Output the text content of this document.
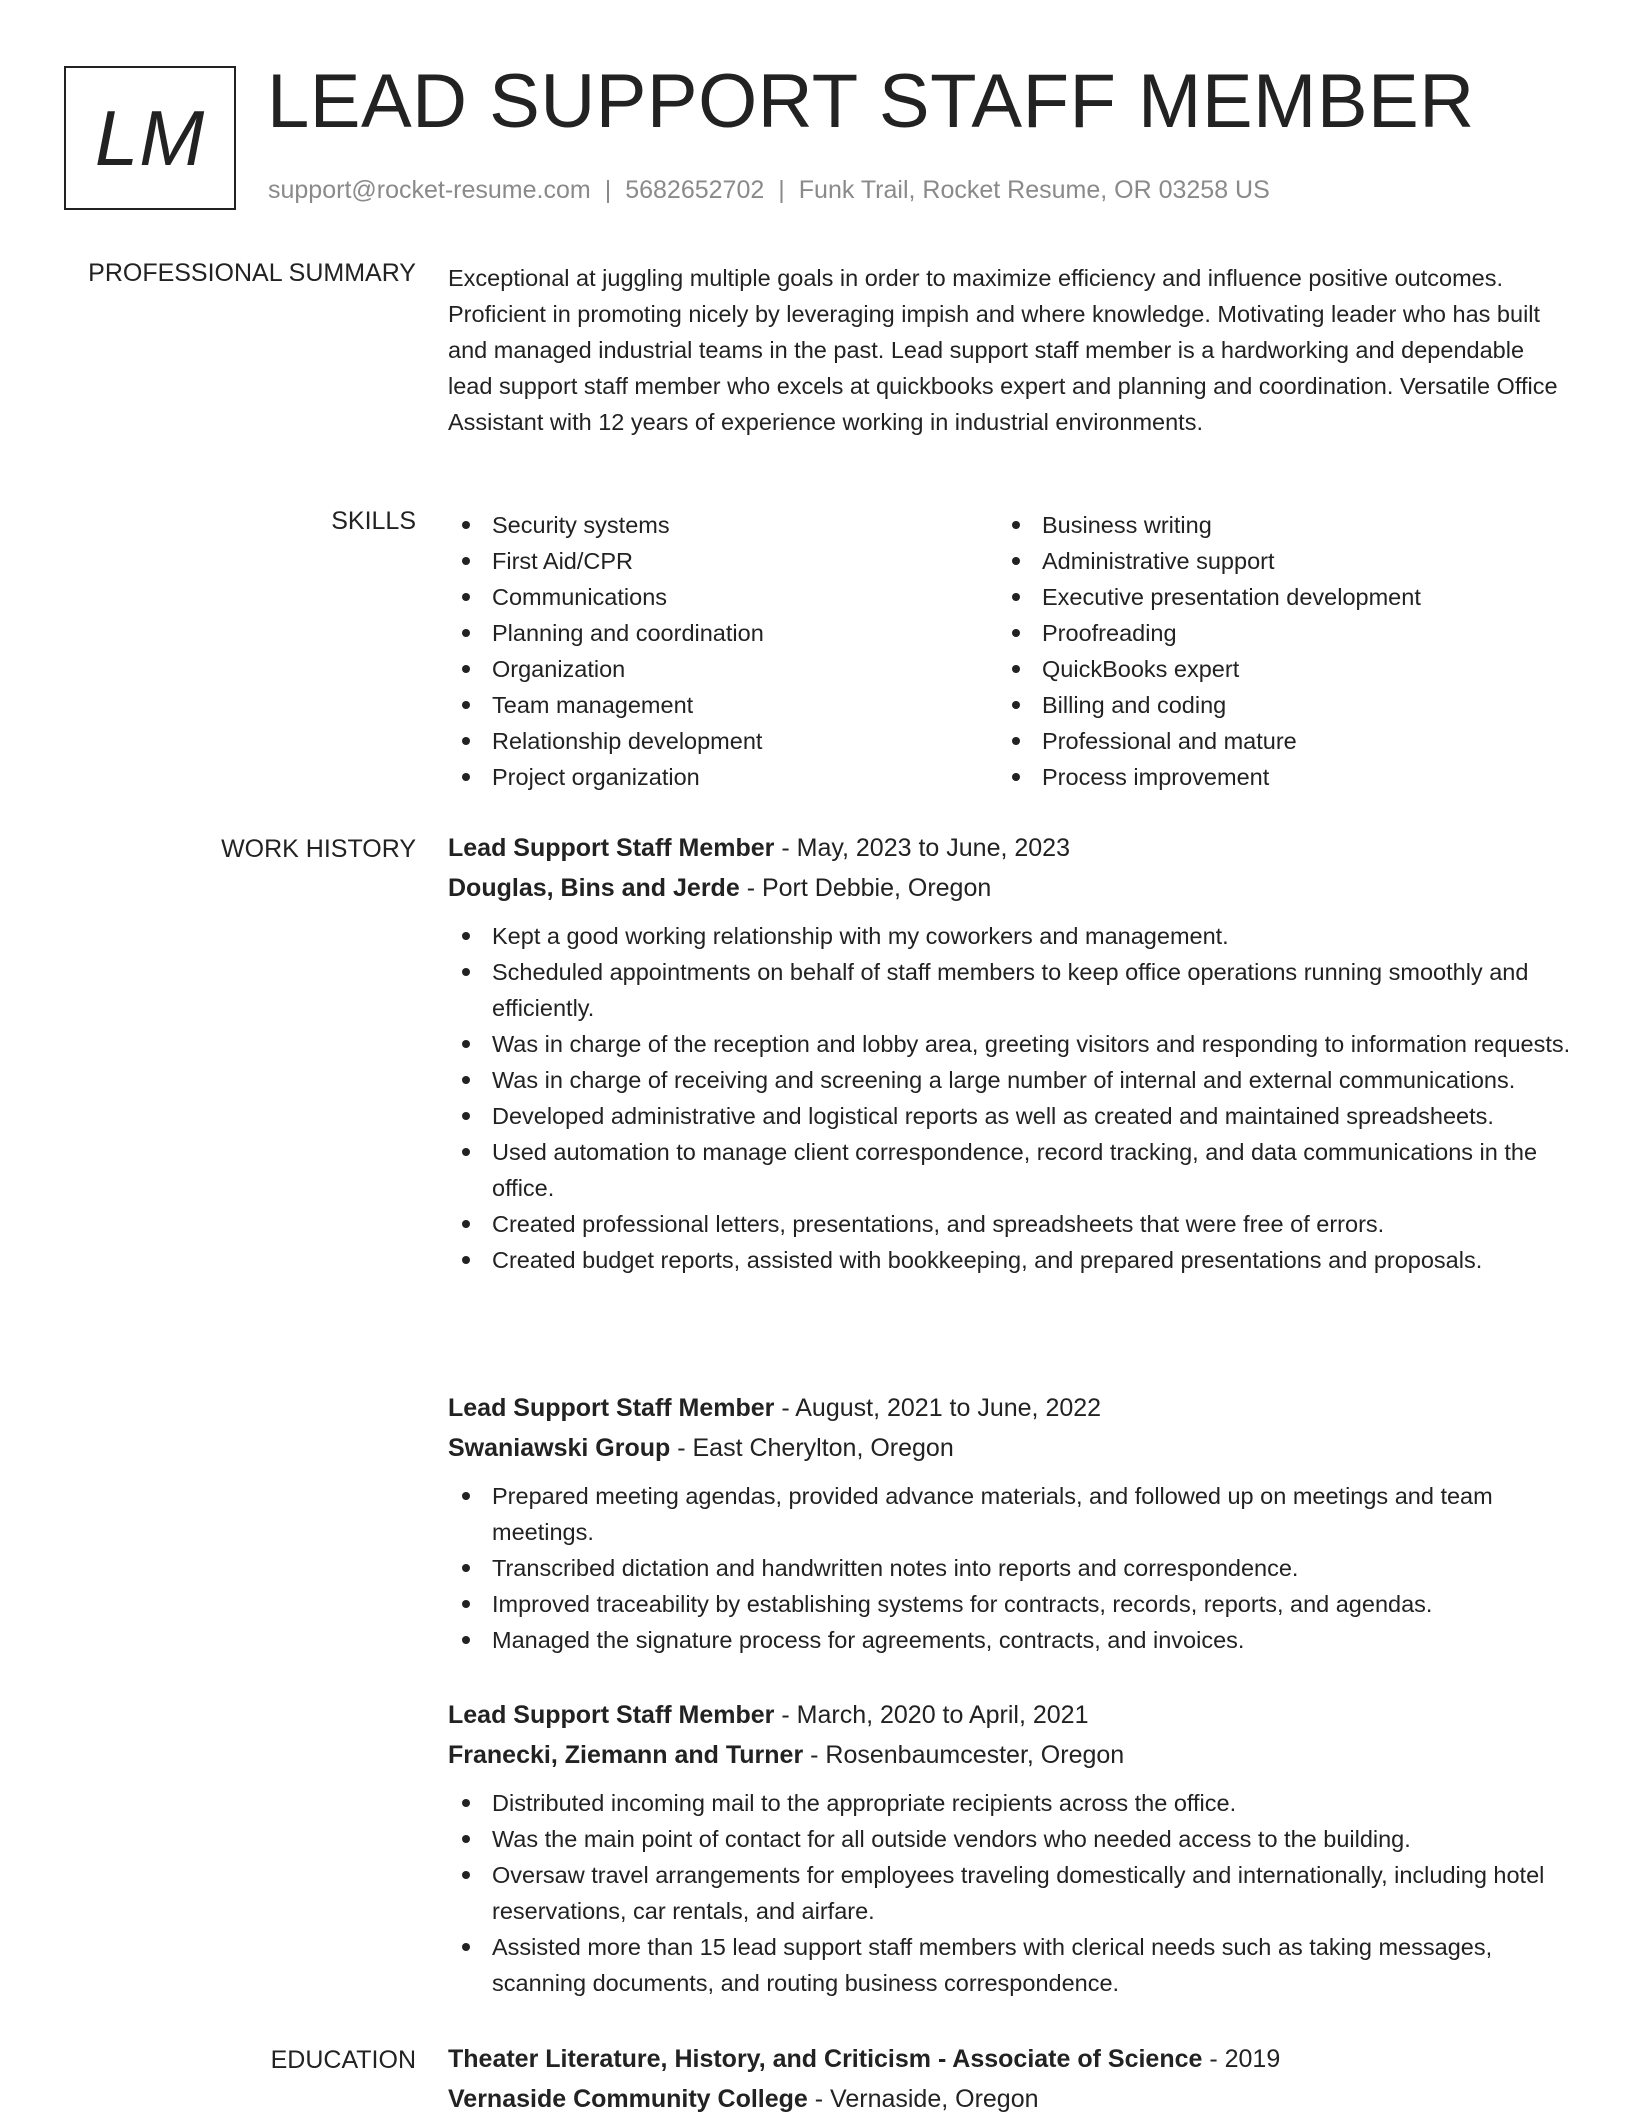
LM LEAD SUPPORT STAFF MEMBER
support@rocket-resume.com | 5682652702 | Funk Trail, Rocket Resume, OR 03258 US
PROFESSIONAL SUMMARY Exceptional at juggling multiple goals in order to maximize efficiency and influence positive outcomes. Proficient in promoting nicely by leveraging impish and where knowledge. Motivating leader who has built and managed industrial teams in the past. Lead support staff member is a hardworking and dependable lead support staff member who excels at quickbooks expert and planning and coordination. Versatile Office Assistant with 12 years of experience working in industrial environments.
SKILLS	Security systems
First Aid/CPR
Communications
Planning and coordination
Organization
Team management
Relationship development
Project organization
Business writing
Administrative support
Executive presentation development
Proofreading
QuickBooks expert
Billing and coding
Professional and mature
Process improvement
WORK HISTORY Lead Support Staff Member - May, 2023 to June, 2023
Douglas, Bins and Jerde - Port Debbie, Oregon
Kept a good working relationship with my coworkers and management.
Scheduled appointments on behalf of staff members to keep office operations running smoothly and efficiently.
Was in charge of the reception and lobby area, greeting visitors and responding to information requests.
Was in charge of receiving and screening a large number of internal and external communications.
Developed administrative and logistical reports as well as created and maintained spreadsheets.
Used automation to manage client correspondence, record tracking, and data communications in the office.
Created professional letters, presentations, and spreadsheets that were free of errors.
Created budget reports, assisted with bookkeeping, and prepared presentations and proposals.
Lead Support Staff Member - August, 2021 to June, 2022
Swaniawski Group - East Cherylton, Oregon
Prepared meeting agendas, provided advance materials, and followed up on meetings and team meetings.
Transcribed dictation and handwritten notes into reports and correspondence.
Improved traceability by establishing systems for contracts, records, reports, and agendas.
Managed the signature process for agreements, contracts, and invoices.
Lead Support Staff Member - March, 2020 to April, 2021
Franecki, Ziemann and Turner - Rosenbaumcester, Oregon
Distributed incoming mail to the appropriate recipients across the office.
Was the main point of contact for all outside vendors who needed access to the building.
Oversaw travel arrangements for employees traveling domestically and internationally, including hotel reservations, car rentals, and airfare.
Assisted more than 15 lead support staff members with clerical needs such as taking messages, scanning documents, and routing business correspondence.
EDUCATION Theater Literature, History, and Criticism - Associate of Science - 2019
Vernaside Community College - Vernaside, Oregon
